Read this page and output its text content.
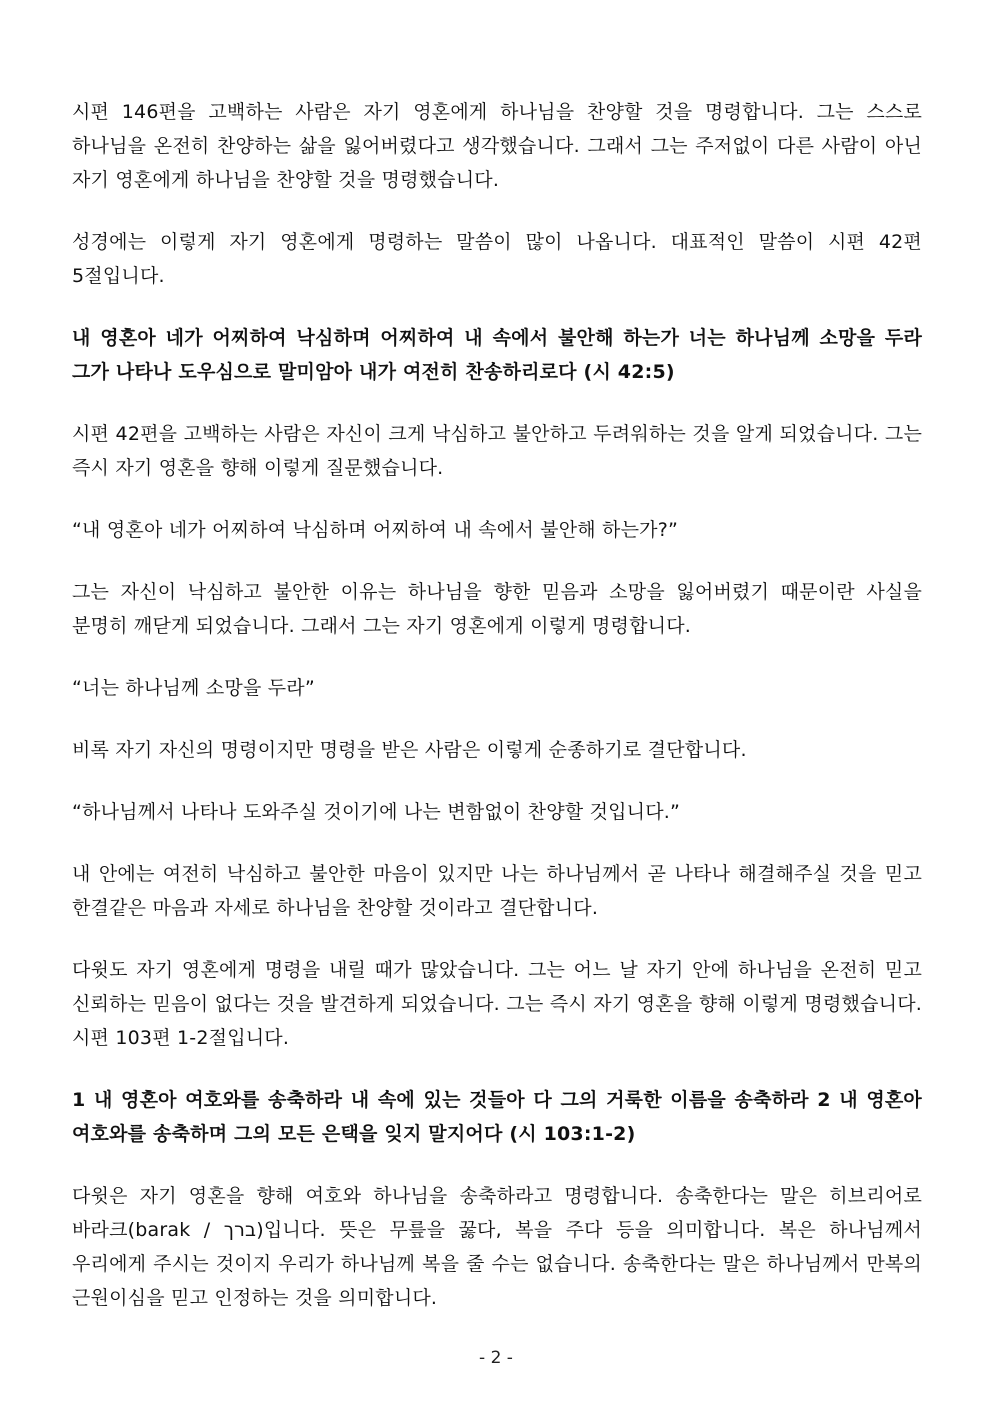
시편 146편을 고백하는 사람은 자기 영혼에게 하나님을 찬양할 것을 명령합니다. 그는 스스로 하나님을 온전히 찬양하는 삶을 잃어버렸다고 생각했습니다. 그래서 그는 주저없이 다른 사람이 아닌 자기 영혼에게 하나님을 찬양할 것을 명령했습니다.

성경에는 이렇게 자기 영혼에게 명령하는 말씀이 많이 나옵니다. 대표적인 말씀이 시편 42편 5절입니다.

내 영혼아 네가 어찌하여 낙심하며 어찌하여 내 속에서 불안해 하는가 너는 하나님께 소망을 두라 그가 나타나 도우심으로 말미암아 내가 여전히 찬송하리로다 (시 42:5)

시편 42편을 고백하는 사람은 자신이 크게 낙심하고 불안하고 두려워하는 것을 알게 되었습니다. 그는 즉시 자기 영혼을 향해 이렇게 질문했습니다.

“내 영혼아 네가 어찌하여 낙심하며 어찌하여 내 속에서 불안해 하는가?”

그는 자신이 낙심하고 불안한 이유는 하나님을 향한 믿음과 소망을 잃어버렸기 때문이란 사실을 분명히 깨닫게 되었습니다. 그래서 그는 자기 영혼에게 이렇게 명령합니다.

“너는 하나님께 소망을 두라”

비록 자기 자신의 명령이지만 명령을 받은 사람은 이렇게 순종하기로 결단합니다.

“하나님께서 나타나 도와주실 것이기에 나는 변함없이 찬양할 것입니다.”

내 안에는 여전히 낙심하고 불안한 마음이 있지만 나는 하나님께서 곧 나타나 해결해주실 것을 믿고 한결같은 마음과 자세로 하나님을 찬양할 것이라고 결단합니다.

다윗도 자기 영혼에게 명령을 내릴 때가 많았습니다. 그는 어느 날 자기 안에 하나님을 온전히 믿고 신뢰하는 믿음이 없다는 것을 발견하게 되었습니다. 그는 즉시 자기 영혼을 향해 이렇게 명령했습니다. 시편 103편 1-2절입니다.

1 내 영혼아 여호와를 송축하라 내 속에 있는 것들아 다 그의 거룩한 이름을 송축하라 2 내 영혼아 여호와를 송축하며 그의 모든 은택을 잊지 말지어다 (시 103:1-2)

다윗은 자기 영혼을 향해 여호와 하나님을 송축하라고 명령합니다. 송축한다는 말은 히브리어로 바라크(barak / ברך)입니다. 뜻은 무릎을 꿇다, 복을 주다 등을 의미합니다. 복은 하나님께서 우리에게 주시는 것이지 우리가 하나님께 복을 줄 수는 없습니다. 송축한다는 말은 하나님께서 만복의 근원이심을 믿고 인정하는 것을 의미합니다.

- 2 -
